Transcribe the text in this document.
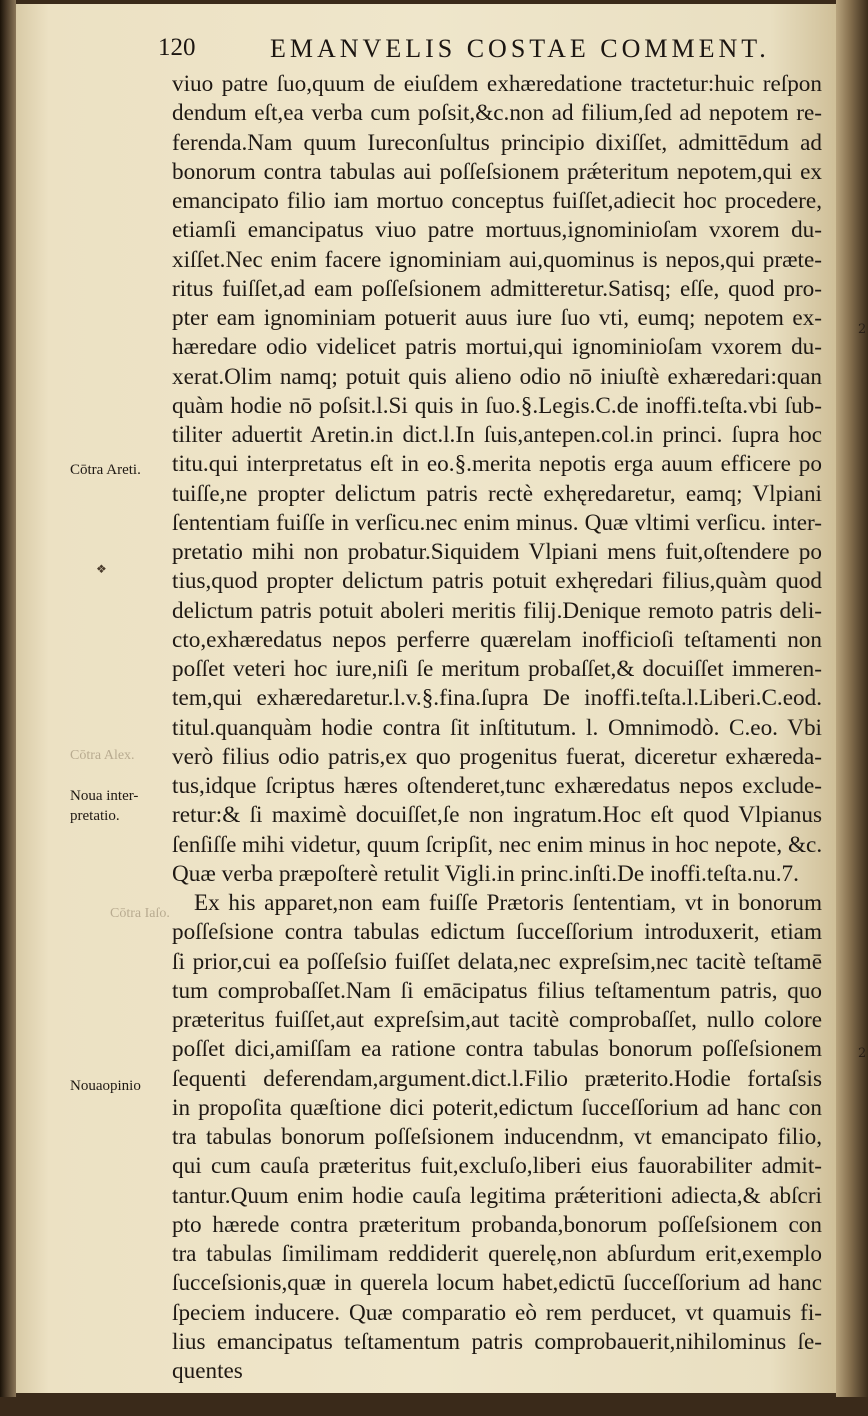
2
2
120	EMANVELIS COSTAE COMMENT.
Cōtra Alex.
Cōtra Iaſo.
Cōtra Areti.
Noua inter-
pretatio.
Nouaopinio
❖
viuo patre ſuo,quum de eiuſdem exhæredatione tractetur:huic reſpon
dendum eſt,ea verba cum poſsit,&c.non ad filium,ſed ad nepotem re-
ferenda.Nam quum Iureconſultus principio dixiſſet, admittēdum ad
bonorum contra tabulas aui poſſeſsionem prǽteritum nepotem,qui ex
emancipato filio iam mortuo conceptus fuiſſet,adiecit hoc procedere,
etiamſi emancipatus viuo patre mortuus,ignominioſam vxorem du-
xiſſet.Nec enim facere ignominiam aui,quominus is nepos,qui præte-
ritus fuiſſet,ad eam poſſeſsionem admitteretur.Satisq; eſſe, quod pro-
pter eam ignominiam potuerit auus iure ſuo vti, eumq; nepotem ex-
hæredare odio videlicet patris mortui,qui ignominioſam vxorem du-
xerat.Olim namq; potuit quis alieno odio nō iniuſtè exhæredari:quan
quàm hodie nō poſsit.l.Si quis in ſuo.§.Legis.C.de inoffi.teſta.vbi ſub-
tiliter aduertit Aretin.in dict.l.In ſuis,antepen.col.in princi. ſupra hoc
titu.qui interpretatus eſt in eo.§.merita nepotis erga auum efficere po
tuiſſe,ne propter delictum patris rectè exhęredaretur, eamq; Vlpiani
ſententiam fuiſſe in verſicu.nec enim minus. Quæ vltimi verſicu. inter-
pretatio mihi non probatur.Siquidem Vlpiani mens fuit,oſtendere po
tius,quod propter delictum patris potuit exhęredari filius,quàm quod
delictum patris potuit aboleri meritis filij.Denique remoto patris deli-
cto,exhæredatus nepos perferre quærelam inofficioſi teſtamenti non
poſſet veteri hoc iure,niſi ſe meritum probaſſet,& docuiſſet immeren-
tem,qui exhæredaretur.l.v.§.fina.ſupra De inoffi.teſta.l.Liberi.C.eod.
titul.quanquàm hodie contra ſit inſtitutum. l. Omnimodò. C.eo. Vbi
verò filius odio patris,ex quo progenitus fuerat, diceretur exhæreda-
tus,idque ſcriptus hæres oſtenderet,tunc exhæredatus nepos exclude-
retur:& ſi maximè docuiſſet,ſe non ingratum.Hoc eſt quod Vlpianus
ſenſiſſe mihi videtur, quum ſcripſit, nec enim minus in hoc nepote, &c.
Quæ verba præpoſterè retulit Vigli.in princ.inſti.De inoffi.teſta.nu.7.
Ex his apparet,non eam fuiſſe Prætoris ſententiam, vt in bonorum
poſſeſsione contra tabulas edictum ſucceſſorium introduxerit, etiam
ſi prior,cui ea poſſeſsio fuiſſet delata,nec expreſsim,nec tacitè teſtamē
tum comprobaſſet.Nam ſi emācipatus filius teſtamentum patris, quo
præteritus fuiſſet,aut expreſsim,aut tacitè comprobaſſet, nullo colore
poſſet dici,amiſſam ea ratione contra tabulas bonorum poſſeſsionem
ſequenti deferendam,argument.dict.l.Filio præterito.Hodie fortaſsis
in propoſita quæſtione dici poterit,edictum ſucceſſorium ad hanc con
tra tabulas bonorum poſſeſsionem inducendnm, vt emancipato filio,
qui cum cauſa præteritus fuit,excluſo,liberi eius fauorabiliter admit-
tantur.Quum enim hodie cauſa legitima prǽteritioni adiecta,& abſcri
pto hærede contra præteritum probanda,bonorum poſſeſsionem con
tra tabulas ſimilimam reddiderit querelę,non abſurdum erit,exemplo
ſucceſsionis,quæ in querela locum habet,edictū ſucceſſorium ad hanc
ſpeciem inducere. Quæ comparatio eò rem perducet, vt quamuis fi-
lius emancipatus teſtamentum patris comprobauerit,nihilominus ſe-
quentes
